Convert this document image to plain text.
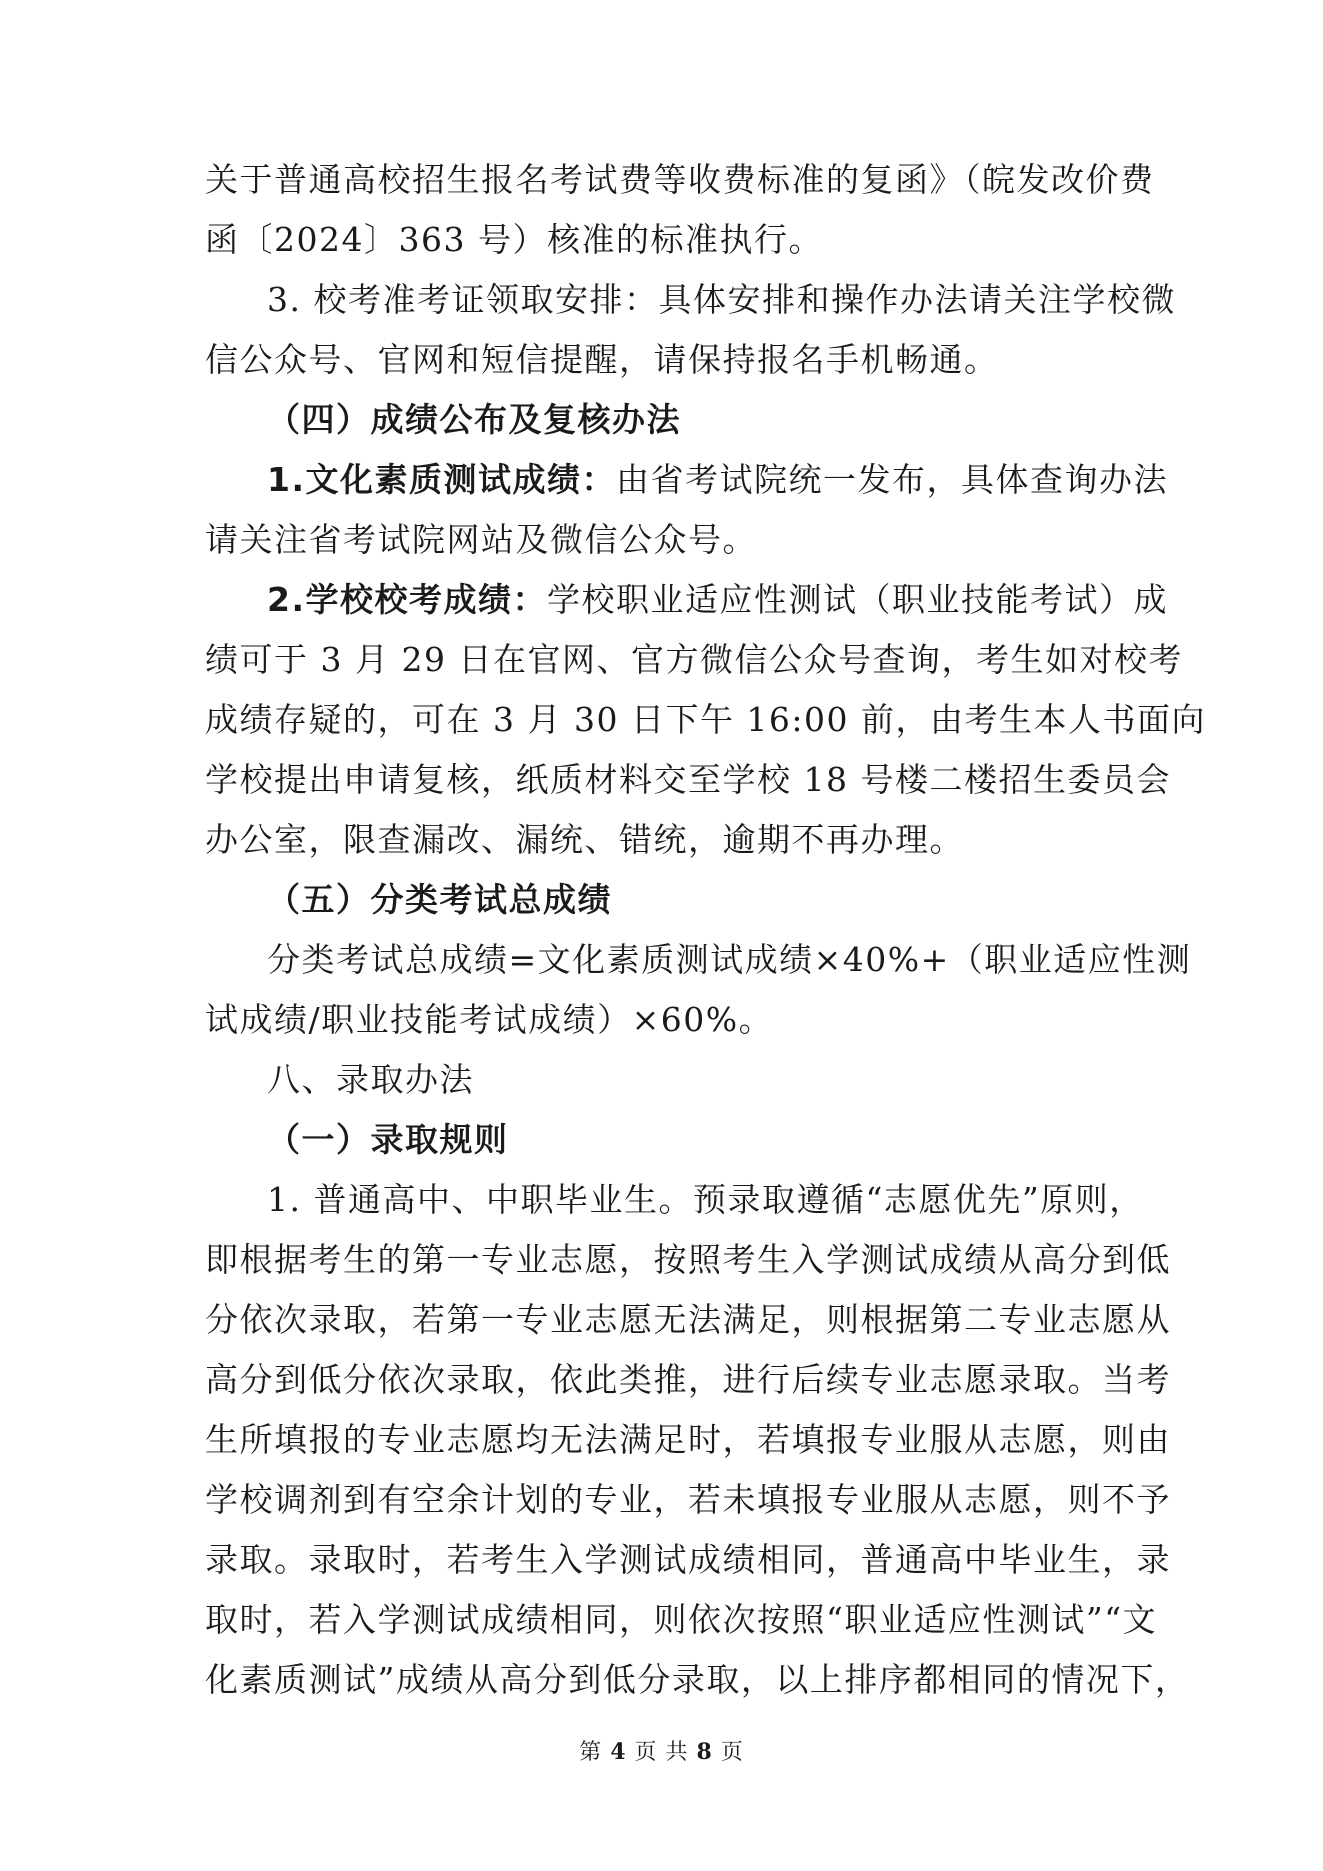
关于普通高校招生报名考试费等收费标准的复函》（皖发改价费
函〔2024〕363 号）核准的标准执行。
3. 校考准考证领取安排：具体安排和操作办法请关注学校微
信公众号、官网和短信提醒，请保持报名手机畅通。
（四）成绩公布及复核办法
1.文化素质测试成绩：由省考试院统一发布，具体查询办法
请关注省考试院网站及微信公众号。
2.学校校考成绩：学校职业适应性测试（职业技能考试）成
绩可于 3 月 29 日在官网、官方微信公众号查询，考生如对校考
成绩存疑的，可在 3 月 30 日下午 16:00 前，由考生本人书面向
学校提出申请复核，纸质材料交至学校 18 号楼二楼招生委员会
办公室，限查漏改、漏统、错统，逾期不再办理。
（五）分类考试总成绩
分类考试总成绩=文化素质测试成绩×40%+（职业适应性测
试成绩/职业技能考试成绩）×60%。
八、录取办法
（一）录取规则
1. 普通高中、中职毕业生。预录取遵循“志愿优先”原则，
即根据考生的第一专业志愿，按照考生入学测试成绩从高分到低
分依次录取，若第一专业志愿无法满足，则根据第二专业志愿从
高分到低分依次录取，依此类推，进行后续专业志愿录取。当考
生所填报的专业志愿均无法满足时，若填报专业服从志愿，则由
学校调剂到有空余计划的专业，若未填报专业服从志愿，则不予
录取。录取时，若考生入学测试成绩相同，普通高中毕业生，录
取时，若入学测试成绩相同，则依次按照“职业适应性测试”“文
化素质测试”成绩从高分到低分录取，以上排序都相同的情况下，
第 4 页 共 8 页
